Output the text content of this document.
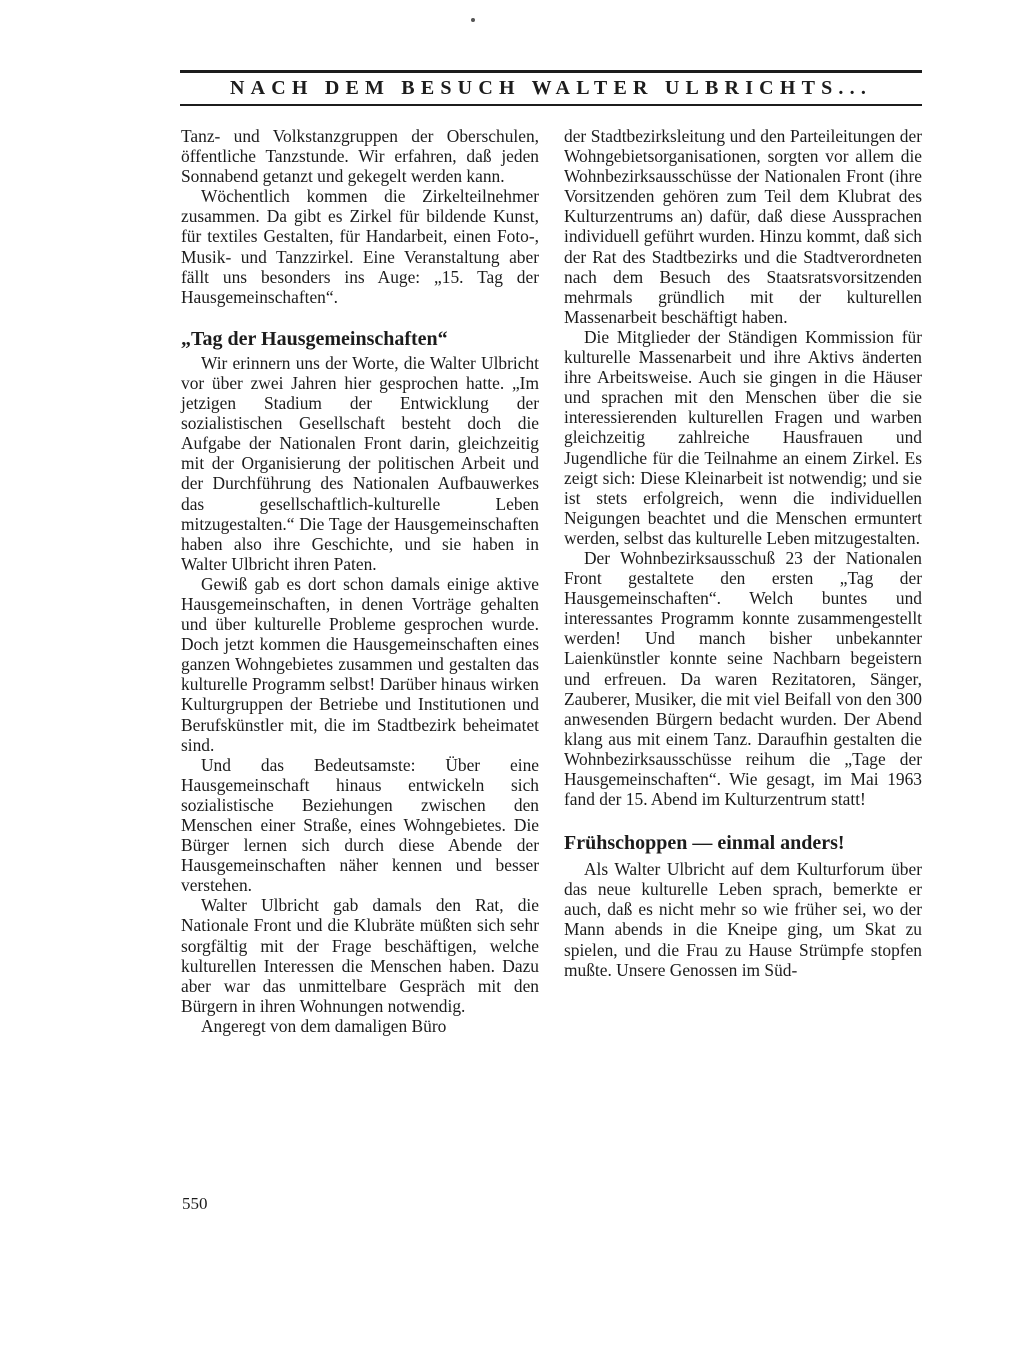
NACH DEM BESUCH WALTER ULBRICHTS...

Tanz- und Volkstanzgruppen der Oberschulen, öffentliche Tanzstunde. Wir erfahren, daß jeden Sonnabend getanzt und gekegelt werden kann.

Wöchentlich kommen die Zirkelteilnehmer zusammen. Da gibt es Zirkel für bildende Kunst, für textiles Gestalten, für Handarbeit, einen Foto-, Musik- und Tanzzirkel. Eine Veranstaltung aber fällt uns besonders ins Auge: „15. Tag der Hausgemeinschaften“.

„Tag der Hausgemeinschaften“

Wir erinnern uns der Worte, die Walter Ulbricht vor über zwei Jahren hier gesprochen hatte. „Im jetzigen Stadium der Entwicklung der sozialistischen Gesellschaft besteht doch die Aufgabe der Nationalen Front darin, gleichzeitig mit der Organisierung der politischen Arbeit und der Durchführung des Nationalen Aufbauwerkes das gesellschaftlich-kulturelle Leben mitzugestalten.“ Die Tage der Hausgemeinschaften haben also ihre Geschichte, und sie haben in Walter Ulbricht ihren Paten.

Gewiß gab es dort schon damals einige aktive Hausgemeinschaften, in denen Vorträge gehalten und über kulturelle Probleme gesprochen wurde. Doch jetzt kommen die Hausgemeinschaften eines ganzen Wohngebietes zusammen und gestalten das kulturelle Programm selbst! Darüber hinaus wirken Kulturgruppen der Betriebe und Institutionen und Berufskünstler mit, die im Stadtbezirk beheimatet sind.

Und das Bedeutsamste: Über eine Hausgemeinschaft hinaus entwickeln sich sozialistische Beziehungen zwischen den Menschen einer Straße, eines Wohngebietes. Die Bürger lernen sich durch diese Abende der Hausgemeinschaften näher kennen und besser verstehen.

Walter Ulbricht gab damals den Rat, die Nationale Front und die Klubräte müßten sich sehr sorgfältig mit der Frage beschäftigen, welche kulturellen Interessen die Menschen haben. Dazu aber war das unmittelbare Gespräch mit den Bürgern in ihren Wohnungen notwendig.

Angeregt von dem damaligen Büro

der Stadtbezirksleitung und den Parteileitungen der Wohngebietsorganisationen, sorgten vor allem die Wohnbezirksausschüsse der Nationalen Front (ihre Vorsitzenden gehören zum Teil dem Klubrat des Kulturzentrums an) dafür, daß diese Aussprachen individuell geführt wurden. Hinzu kommt, daß sich der Rat des Stadtbezirks und die Stadtverordneten nach dem Besuch des Staatsratsvorsitzenden mehrmals gründlich mit der kulturellen Massenarbeit beschäftigt haben.

Die Mitglieder der Ständigen Kommission für kulturelle Massenarbeit und ihre Aktivs änderten ihre Arbeitsweise. Auch sie gingen in die Häuser und sprachen mit den Menschen über die sie interessierenden kulturellen Fragen und warben gleichzeitig zahlreiche Hausfrauen und Jugendliche für die Teilnahme an einem Zirkel. Es zeigt sich: Diese Kleinarbeit ist notwendig; und sie ist stets erfolgreich, wenn die individuellen Neigungen beachtet und die Menschen ermuntert werden, selbst das kulturelle Leben mitzugestalten.

Der Wohnbezirksausschuß 23 der Nationalen Front gestaltete den ersten „Tag der Hausgemeinschaften“. Welch buntes und interessantes Programm konnte zusammengestellt werden! Und manch bisher unbekannter Laienkünstler konnte seine Nachbarn begeistern und erfreuen. Da waren Rezitatoren, Sänger, Zauberer, Musiker, die mit viel Beifall von den 300 anwesenden Bürgern bedacht wurden. Der Abend klang aus mit einem Tanz. Daraufhin gestalten die Wohnbezirksausschüsse reihum die „Tage der Hausgemeinschaften“. Wie gesagt, im Mai 1963 fand der 15. Abend im Kulturzentrum statt!

Frühschoppen — einmal anders!

Als Walter Ulbricht auf dem Kulturforum über das neue kulturelle Leben sprach, bemerkte er auch, daß es nicht mehr so wie früher sei, wo der Mann abends in die Kneipe ging, um Skat zu spielen, und die Frau zu Hause Strümpfe stopfen mußte. Unsere Genossen im Süd-

550
